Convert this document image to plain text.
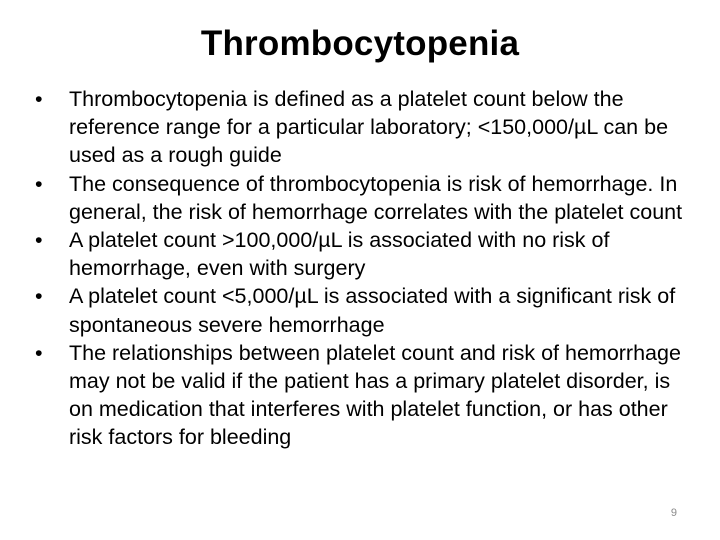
Thrombocytopenia
•	Thrombocytopenia is defined as a platelet count below the reference range for a particular laboratory; <150,000/µL can be used as a rough guide
•	The consequence of thrombocytopenia is risk of hemorrhage. In general, the risk of hemorrhage correlates with the platelet count
•	A platelet count >100,000/µL is associated with no risk of hemorrhage, even with surgery
•	A platelet count <5,000/µL is associated with a significant risk of spontaneous severe hemorrhage
•	The relationships between platelet count and risk of hemorrhage may not be valid if the patient has a primary platelet disorder, is on medication that interferes with platelet function, or has other risk factors for bleeding
9
